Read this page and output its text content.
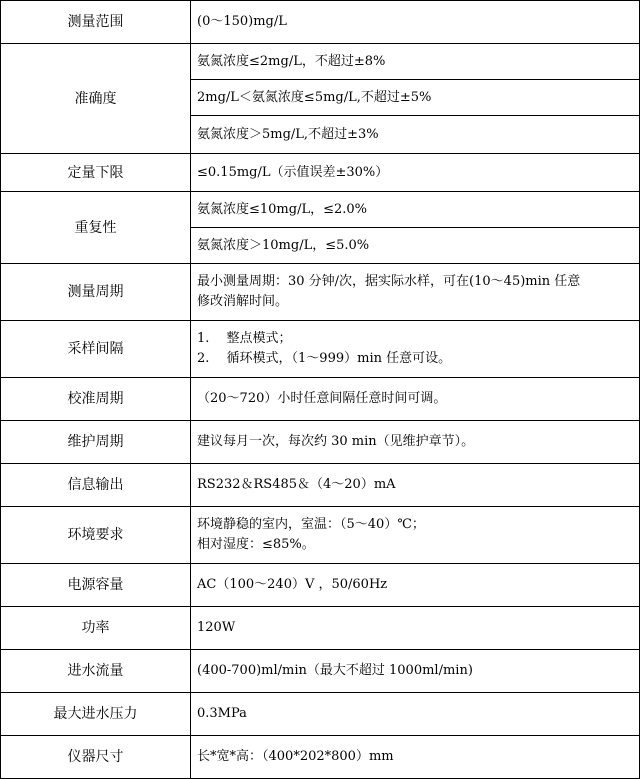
测量范围	(0～150)mg/L
准确度	氨氮浓度≤2mg/L，不超过±8%
	2mg/L＜氨氮浓度≤5mg/L,不超过±5%
	氨氮浓度＞5mg/L,不超过±3%
定量下限	≤0.15mg/L（示值误差±30%）
重复性	氨氮浓度≤10mg/L，≤2.0%
	氨氮浓度＞10mg/L，≤5.0%
测量周期	最小测量周期：30 分钟/次，据实际水样，可在(10～45)min 任意
修改消解时间。

采样间隔	1.　 整点模式；
2.　 循环模式，（1～999）min 任意可设。

校准周期	（20～720）小时任意间隔任意时间可调。
维护周期	建议每月一次，每次约 30 min（见维护章节）。
信息输出	RS232＆RS485＆（4～20）mA
环境要求	环境静稳的室内，室温：（5～40）℃；
相对湿度：≤85%。

电源容量	AC（100～240）V ，50/60Hz
功率	120W
进水流量	(400-700)ml/min（最大不超过 1000ml/min)
最大进水压力	0.3MPa
仪器尺寸	长*宽*高：（400*202*800）mm
